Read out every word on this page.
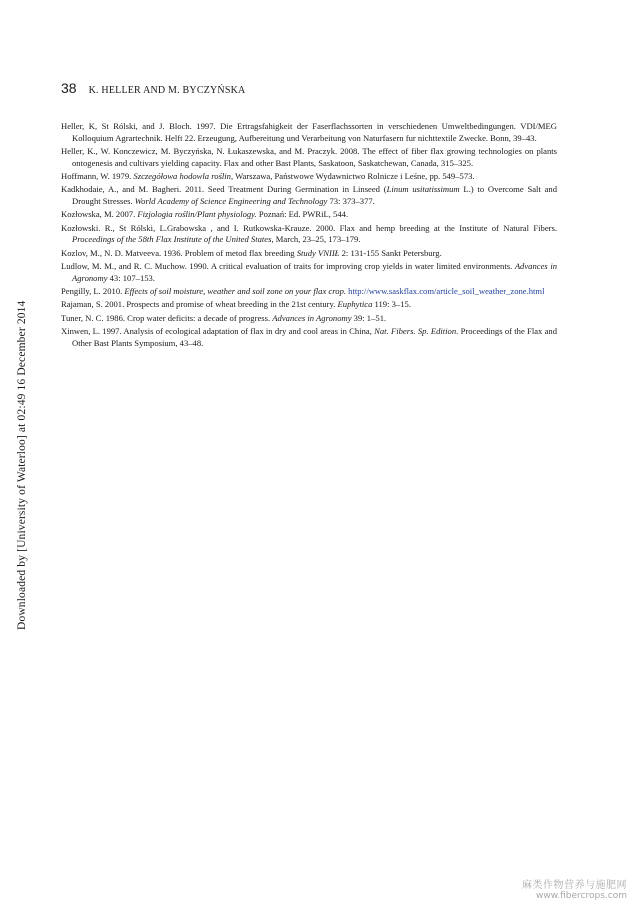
Downloaded by [University of Waterloo] at 02:49 16 December 2014
38 K. HELLER AND M. BYCZYŃSKA

Heller, K, St Rólski, and J. Bloch. 1997. Die Ertragsfahigkeit der Faserflachssorten in verschiedenen Umweltbedingungen. VDI/MEG Kolloquium Agrartechnik. Helft 22. Erzeugung, Aufbereitung und Verarbeitung von Naturfasern fur nichttextile Zwecke. Bonn, 39–43.

Heller, K., W. Konczewicz, M. Byczyńska, N. Łukaszewska, and M. Praczyk. 2008. The effect of fiber flax growing technologies on plants ontogenesis and cultivars yielding capacity. Flax and other Bast Plants, Saskatoon, Saskatchewan, Canada, 315–325.

Hoffmann, W. 1979. Szczegółowa hodowla roślin, Warszawa, Państwowe Wydawnictwo Rolnicze i Leśne, pp. 549–573.

Kadkhodaie, A., and M. Bagheri. 2011. Seed Treatment During Germination in Linseed (Linum usitatissimum L.) to Overcome Salt and Drought Stresses. World Academy of Science Engineering and Technology 73: 373–377.

Kozłowska, M. 2007. Fizjologia roślin/Plant physiology. Poznań: Ed. PWRiL, 544.

Kozłowski. R., St Rólski, L.Grabowska , and I. Rutkowska-Krauze. 2000. Flax and hemp breeding at the Institute of Natural Fibers. Proceedings of the 58th Flax Institute of the United States, March, 23–25, 173–179.

Kozlov, M., N. D. Matveeva. 1936. Problem of metod flax breeding Study VNIIŁ 2: 131-155 Sankt Petersburg.

Ludlow, M. M., and R. C. Muchow. 1990. A critical evaluation of traits for improving crop yields in water limited environments. Advances in Agronomy 43: 107–153.

Pengilly, L. 2010. Effects of soil moisture, weather and soil zone on your flax crop. http://www.saskflax.com/article_soil_weather_zone.html

Rajaman, S. 2001. Prospects and promise of wheat breeding in the 21st century. Euphytica 119: 3–15.

Tuner, N. C. 1986. Crop water deficits: a decade of progress. Advances in Agronomy 39: 1–51.

Xinwen, L. 1997. Analysis of ecological adaptation of flax in dry and cool areas in China, Nat. Fibers. Sp. Edition. Proceedings of the Flax and Other Bast Plants Symposium, 43–48.

麻类作物营养与施肥网
www.fibercrops.com
